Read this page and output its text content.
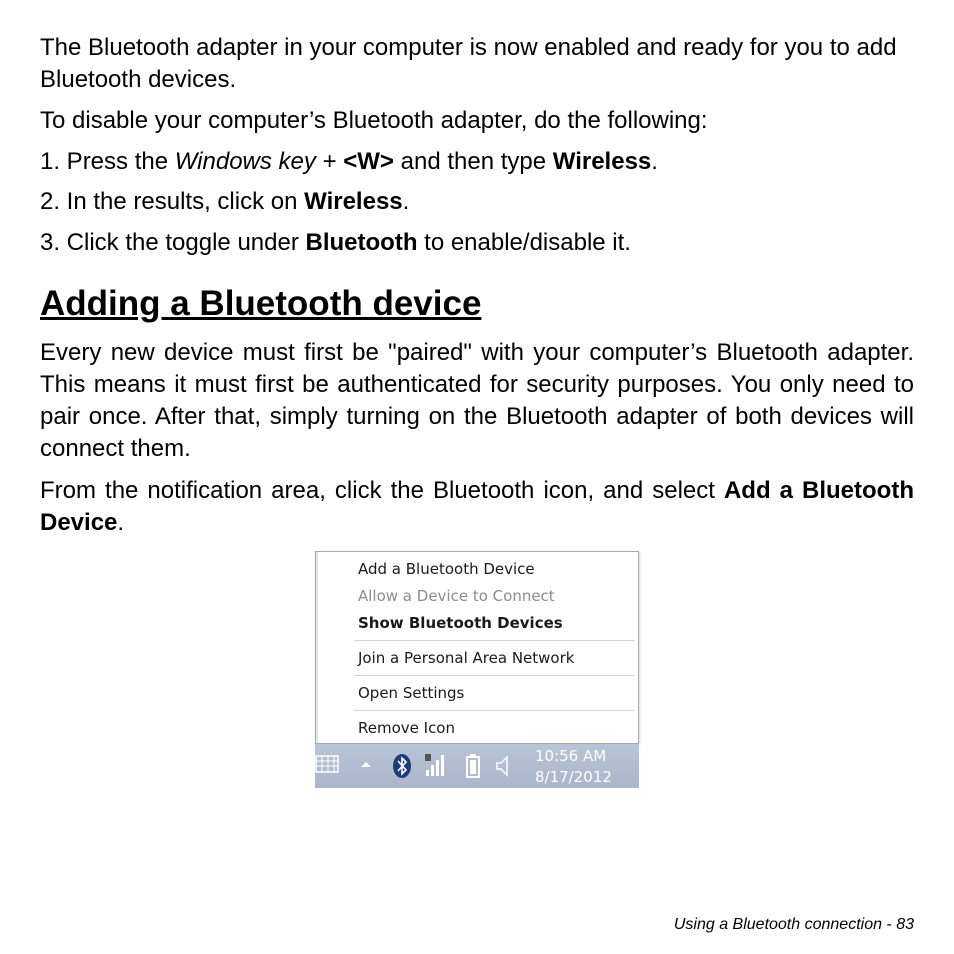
The Bluetooth adapter in your computer is now enabled and ready for you to add Bluetooth devices.

To disable your computer’s Bluetooth adapter, do the following:

1. Press the Windows key + <W> and then type Wireless.

2. In the results, click on Wireless.

3. Click the toggle under Bluetooth to enable/disable it.

Adding a Bluetooth device

Every new device must first be "paired" with your computer’s Bluetooth adapter. This means it must first be authenticated for security purposes. You only need to pair once. After that, simply turning on the Bluetooth adapter of both devices will connect them.

From the notification area, click the Bluetooth icon, and select Add a Bluetooth Device.

Add a Bluetooth Device
Allow a Device to Connect
Show Bluetooth Devices
Join a Personal Area Network
Open Settings
Remove Icon
10:56 AM
8/17/2012
Using a Bluetooth connection - 83
